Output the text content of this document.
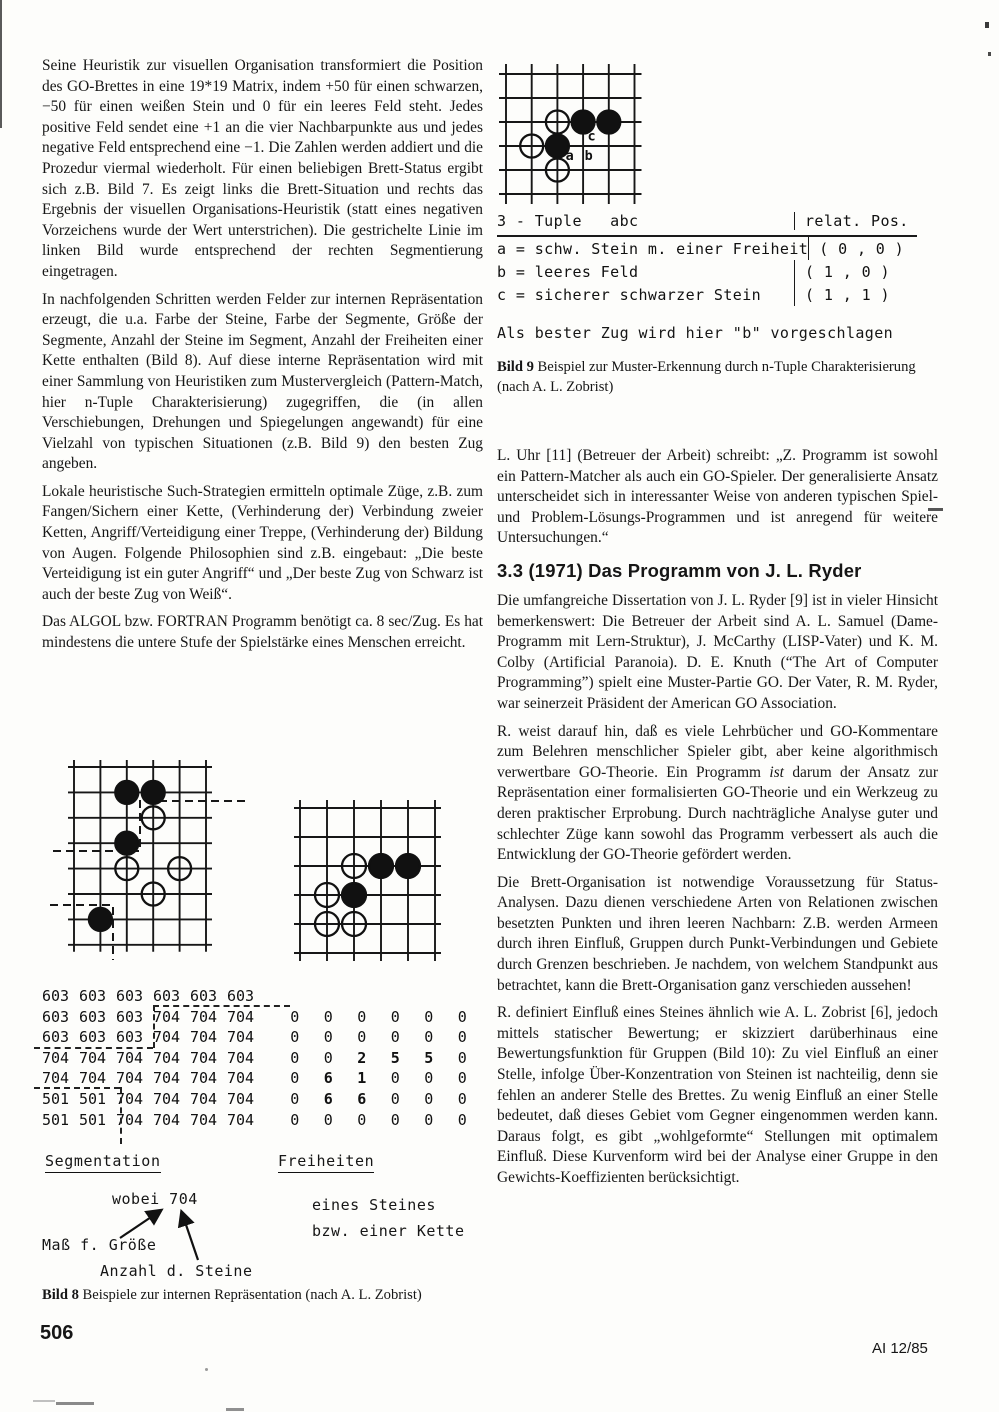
Seine Heuristik zur visuellen Organisation transformiert die Position des GO-Brettes in eine 19*19 Matrix, indem +50 für einen schwarzen, −50 für einen weißen Stein und 0 für ein leeres Feld steht. Jedes positive Feld sendet eine +1 an die vier Nachbarpunkte aus und jedes negative Feld entsprechend eine −1. Die Zahlen werden addiert und die Prozedur viermal wiederholt. Für einen beliebigen Brett-Status ergibt sich z.B. Bild 7. Es zeigt links die Brett-Situation und rechts das Ergebnis der visuellen Organisations-Heuristik (statt eines negativen Vorzeichens wurde der Wert unterstrichen). Die gestrichelte Linie im linken Bild wurde entsprechend der rechten Segmentierung eingetragen.

In nachfolgenden Schritten werden Felder zur internen Repräsentation erzeugt, die u.a. Farbe der Steine, Farbe der Segmente, Größe der Segmente, Anzahl der Steine im Segment, Anzahl der Freiheiten einer Kette enthalten (Bild 8). Auf diese interne Repräsentation wird mit einer Sammlung von Heuristiken zum Mustervergleich (Pattern-Match, hier n-Tuple Charakterisierung) zugegriffen, die (in allen Verschiebungen, Drehungen und Spiegelungen angewandt) für eine Vielzahl von typischen Situationen (z.B. Bild 9) den besten Zug angeben.

Lokale heuristische Such-Strategien ermitteln optimale Züge, z.B. zum Fangen/Sichern einer Kette, (Verhinderung der) Verbindung zweier Ketten, Angriff/Verteidigung einer Treppe, (Verhinderung der) Bildung von Augen. Folgende Philosophien sind z.B. eingebaut: „Die beste Verteidigung ist ein guter Angriff“ und „Der beste Zug von Schwarz ist auch der beste Zug von Weiß“.

Das ALGOL bzw. FORTRAN Programm benötigt ca. 8 sec/Zug. Es hat mindestens die untere Stufe der Spielstärke eines Menschen erreicht.

603 603 603 603 603 603
603 603 603 704 704 704	0	0	0	0	0	0
603 603 603 704 704 704	0	0	0	0	0	0
704 704 704 704 704 704	0	0	2	5	5	0
704 704 704 704 704 704	0	6	1	0	0	0
501 501 704 704 704 704	0	6	6	0	0	0
501 501 704 704 704 704	0	0	0	0	0	0
Segmentation	Freiheiten
wobei 704	eines Steines
bzw. einer Kette
Maß f. Größe
Anzahl d. Steine
Bild 8 Beispiele zur internen Repräsentation (nach A. L. Zobrist)
c
a b
3 - Tuple   abc	relat. Pos.
a = schw. Stein m. einer Freiheit ( 0 , 0 )
b = leeres Feld	( 1 , 0 )
c = sicherer schwarzer Stein	( 1 , 1 )
Als bester Zug wird hier "b" vorgeschlagen
Bild 9 Beispiel zur Muster-Erkennung durch n-Tuple Charakterisierung (nach A. L. Zobrist)

L. Uhr [11] (Betreuer der Arbeit) schreibt: „Z. Programm ist sowohl ein Pattern-Matcher als auch ein GO-Spieler. Der generalisierte Ansatz unterscheidet sich in interessanter Weise von anderen typischen Spiel- und Problem-Lösungs-Programmen und ist anregend für weitere Untersuchungen.“

3.3 (1971) Das Programm von J. L. Ryder

Die umfangreiche Dissertation von J. L. Ryder [9] ist in vieler Hinsicht bemerkenswert: Die Betreuer der Arbeit sind A. L. Samuel (Dame-Programm mit Lern-Struktur), J. McCarthy (LISP-Vater) und K. M. Colby (Artificial Paranoia). D. E. Knuth (“The Art of Computer Programming”) spielt eine Muster-Partie GO. Der Vater, R. M. Ryder, war seinerzeit Präsident der American GO Association.

R. weist darauf hin, daß es viele Lehrbücher und GO-Kommentare zum Belehren menschlicher Spieler gibt, aber keine algorithmisch verwertbare GO-Theorie. Ein Programm ist darum der Ansatz zur Repräsentation einer formalisierten GO-Theorie und ein Werkzeug zu deren praktischer Erprobung. Durch nachträgliche Analyse guter und schlechter Züge kann sowohl das Programm verbessert als auch die Entwicklung der GO-Theorie gefördert werden.

Die Brett-Organisation ist notwendige Voraussetzung für Status-Analysen. Dazu dienen verschiedene Arten von Relationen zwischen besetzten Punkten und ihren leeren Nachbarn: Z.B. werden Armeen durch ihren Einfluß, Gruppen durch Punkt-Verbindungen und Gebiete durch Grenzen beschrieben. Je nachdem, von welchem Standpunkt aus betrachtet, kann die Brett-Organisation ganz verschieden aussehen!

R. definiert Einfluß eines Steines ähnlich wie A. L. Zobrist [6], jedoch mittels statischer Bewertung; er skizziert darüberhinaus eine Bewertungsfunktion für Gruppen (Bild 10): Zu viel Einfluß an einer Stelle, infolge Über-Konzentration von Steinen ist nachteilig, denn sie fehlen an anderer Stelle des Brettes. Zu wenig Einfluß an einer Stelle bedeutet, daß dieses Gebiet vom Gegner eingenommen werden kann. Daraus folgt, es gibt „wohlgeformte“ Stellungen mit optimalem Einfluß. Diese Kurvenform wird bei der Analyse einer Gruppe in den Gewichts-Koeffizienten berücksichtigt.

506
AI 12/85
